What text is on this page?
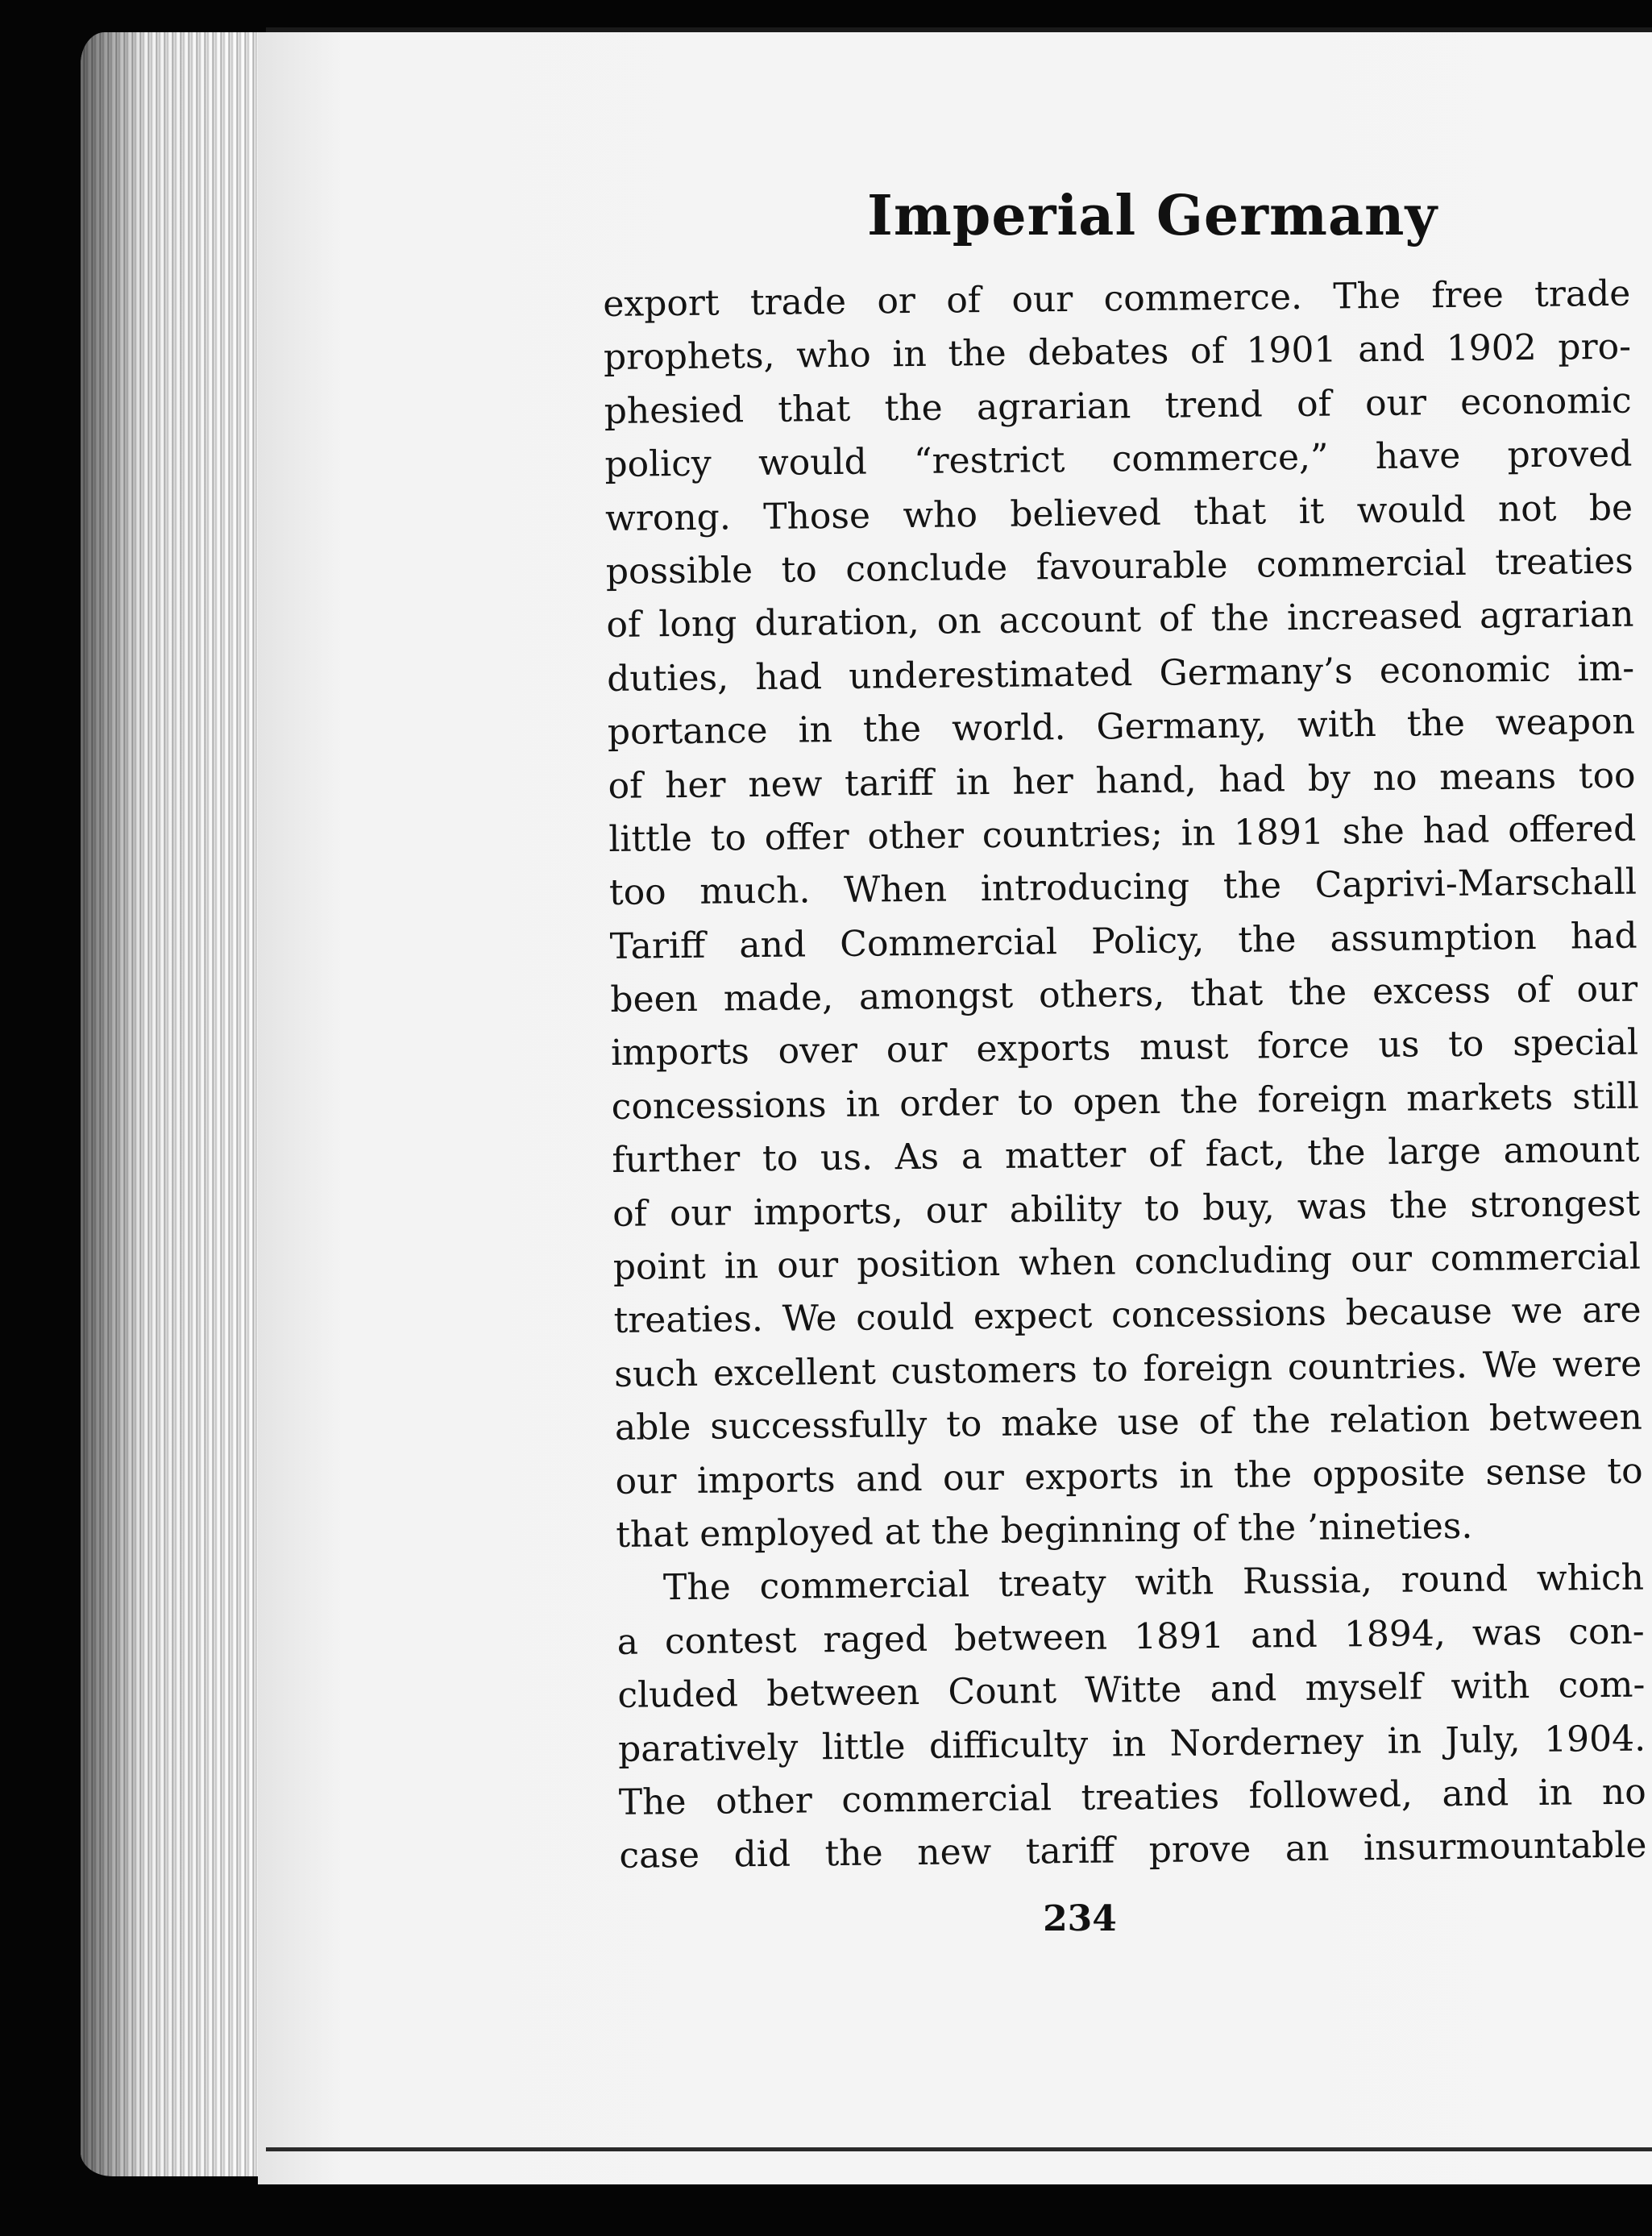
Imperial Germany
export trade or of our commerce. The free trade
prophets, who in the debates of 1901 and 1902 pro-
phesied that the agrarian trend of our economic
policy would “restrict commerce,” have proved
wrong. Those who believed that it would not be
possible to conclude favourable commercial treaties
of long duration, on account of the increased agrarian
duties, had underestimated Germany’s economic im-
portance in the world. Germany, with the weapon
of her new tariff in her hand, had by no means too
little to offer other countries; in 1891 she had offered
too much. When introducing the Caprivi-Marschall
Tariff and Commercial Policy, the assumption had
been made, amongst others, that the excess of our
imports over our exports must force us to special
concessions in order to open the foreign markets still
further to us. As a matter of fact, the large amount
of our imports, our ability to buy, was the strongest
point in our position when concluding our commercial
treaties. We could expect concessions because we are
such excellent customers to foreign countries. We were
able successfully to make use of the relation between
our imports and our exports in the opposite sense to
that employed at the beginning of the ’nineties.
The commercial treaty with Russia, round which
a contest raged between 1891 and 1894, was con-
cluded between Count Witte and myself with com-
paratively little difficulty in Norderney in July, 1904.
The other commercial treaties followed, and in no
case did the new tariff prove an insurmountable
234
